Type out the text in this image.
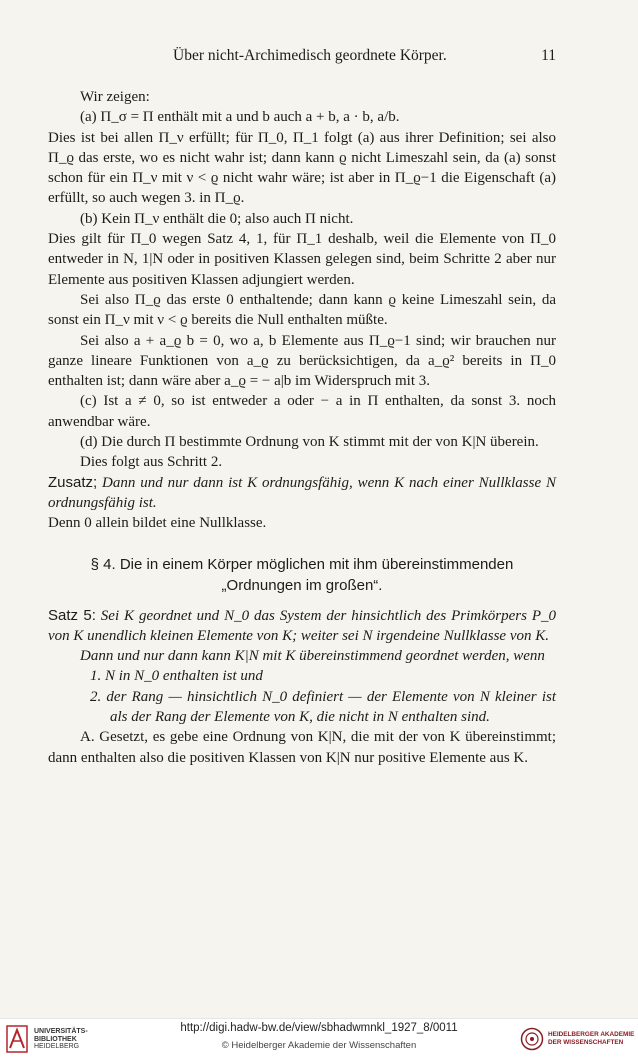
Über nicht-Archimedisch geordnete Körper.	11

Wir zeigen:

(a) Π_σ = Π enthält mit a und b auch a + b, a · b, a/b.

Dies ist bei allen Π_ν erfüllt; für Π_0, Π_1 folgt (a) aus ihrer Definition; sei also Π_ϱ das erste, wo es nicht wahr ist; dann kann ϱ nicht Limeszahl sein, da (a) sonst schon für ein Π_ν mit ν < ϱ nicht wahr wäre; ist aber in Π_ϱ−1 die Eigenschaft (a) erfüllt, so auch wegen 3. in Π_ϱ.

(b) Kein Π_ν enthält die 0; also auch Π nicht.

Dies gilt für Π_0 wegen Satz 4, 1, für Π_1 deshalb, weil die Elemente von Π_0 entweder in N, 1|N oder in positiven Klassen gelegen sind, beim Schritte 2 aber nur Elemente aus positiven Klassen adjungiert werden.

Sei also Π_ϱ das erste 0 enthaltende; dann kann ϱ keine Limeszahl sein, da sonst ein Π_ν mit ν < ϱ bereits die Null enthalten müßte.

Sei also a + a_ϱ b = 0, wo a, b Elemente aus Π_ϱ−1 sind; wir brauchen nur ganze lineare Funktionen von a_ϱ zu berücksichtigen, da a_ϱ² bereits in Π_0 enthalten ist; dann wäre aber a_ϱ = − a|b im Widerspruch mit 3.

(c) Ist a ≠ 0, so ist entweder a oder − a in Π enthalten, da sonst 3. noch anwendbar wäre.

(d) Die durch Π bestimmte Ordnung von K stimmt mit der von K|N überein.

Dies folgt aus Schritt 2.

Zusatz; Dann und nur dann ist K ordnungsfähig, wenn K nach einer Nullklasse N ordnungsfähig ist.

Denn 0 allein bildet eine Nullklasse.

§ 4. Die in einem Körper möglichen mit ihm übereinstimmenden
„Ordnungen im großen“.

Satz 5: Sei K geordnet und N_0 das System der hinsichtlich des Primkörpers P_0 von K unendlich kleinen Elemente von K; weiter sei N irgendeine Nullklasse von K.

Dann und nur dann kann K|N mit K übereinstimmend geordnet werden, wenn

1. N in N_0 enthalten ist und

2. der Rang — hinsichtlich N_0 definiert — der Elemente von N kleiner ist als der Rang der Elemente von K, die nicht in N enthalten sind.

A. Gesetzt, es gebe eine Ordnung von K|N, die mit der von K übereinstimmt; dann enthalten also die positiven Klassen von K|N nur positive Elemente aus K.

UNIVERSITÄTS-
BIBLIOTHEK
HEIDELBERG
http://digi.hadw-bw.de/view/sbhadwmnkl_1927_8/0011
© Heidelberger Akademie der Wissenschaften
HEIDELBERGER AKADEMIE
DER WISSENSCHAFTEN
